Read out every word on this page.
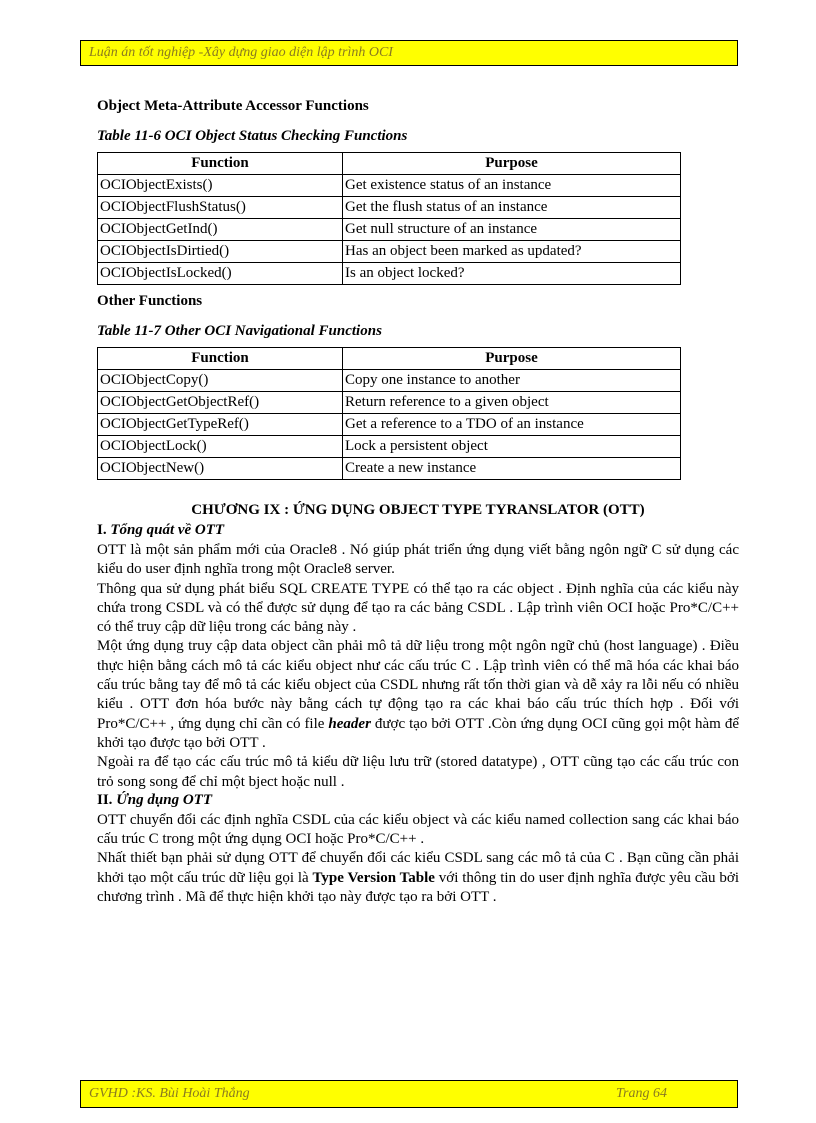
Luận án tốt nghiệp -Xây dựng giao diện lập trình OCI
Object Meta-Attribute Accessor Functions
Table 11-6 OCI Object Status Checking Functions
Function	Purpose
OCIObjectExists()	Get existence status of an instance
OCIObjectFlushStatus()	Get the flush status of an instance
OCIObjectGetInd()	Get null structure of an instance
OCIObjectIsDirtied()	Has an object been marked as updated?
OCIObjectIsLocked()	Is an object locked?
Other Functions
Table 11-7 Other OCI Navigational Functions
Function	Purpose
OCIObjectCopy()	Copy one instance to another
OCIObjectGetObjectRef()	Return reference to a given object
OCIObjectGetTypeRef()	Get a reference to a TDO of an instance
OCIObjectLock()	Lock a persistent object
OCIObjectNew()	Create a new instance
CHƯƠNG IX : ỨNG DỤNG OBJECT TYPE TYRANSLATOR (OTT)
I. Tổng quát về OTT

OTT là một sản phẩm mới của Oracle8 . Nó giúp phát triển ứng dụng viết bằng ngôn ngữ C sử dụng các kiểu do user định nghĩa trong một Oracle8 server.

Thông qua sử dụng phát biểu SQL CREATE TYPE có thể tạo ra các object . Định nghĩa của các kiểu này chứa trong CSDL và có thể được sử dụng để tạo ra các bảng CSDL . Lập trình viên OCI hoặc Pro*C/C++ có thể truy cập dữ liệu trong các bảng này .

Một ứng dụng truy cập data object cần phải mô tả dữ liệu trong một ngôn ngữ chủ (host language) . Điều thực hiện bằng cách mô tả các kiểu object như các cấu trúc C . Lập trình viên có thể mã hóa các khai báo cấu trúc bằng tay để mô tả các kiểu object của CSDL nhưng rất tốn thời gian và dễ xảy ra lỗi nếu có nhiều kiểu . OTT đơn hóa bước này bằng cách tự động tạo ra các khai báo cấu trúc thích hợp . Đối với Pro*C/C++ , ứng dụng chỉ cần có file header được tạo bởi OTT .Còn ứng dụng OCI cũng gọi một hàm để khởi tạo được tạo bởi OTT .

Ngoài ra để tạo các cấu trúc mô tả kiểu dữ liệu lưu trữ (stored datatype) , OTT cũng tạo các cấu trúc con trỏ song song để chỉ một bject hoặc null .

II. Ứng dụng OTT

OTT chuyển đổi các định nghĩa CSDL của các kiểu object và các kiểu named collection sang các khai báo cấu trúc C trong một ứng dụng OCI hoặc Pro*C/C++ .

Nhất thiết bạn phải sử dụng OTT để chuyển đổi các kiểu CSDL sang các mô tả của C . Bạn cũng cần phải khởi tạo một cấu trúc dữ liệu gọi là Type Version Table với thông tin do user định nghĩa được yêu cầu bởi chương trình . Mã để thực hiện khởi tạo này được tạo ra bởi OTT .

GVHD :KS. Bùi Hoài Thắng	Trang 64
